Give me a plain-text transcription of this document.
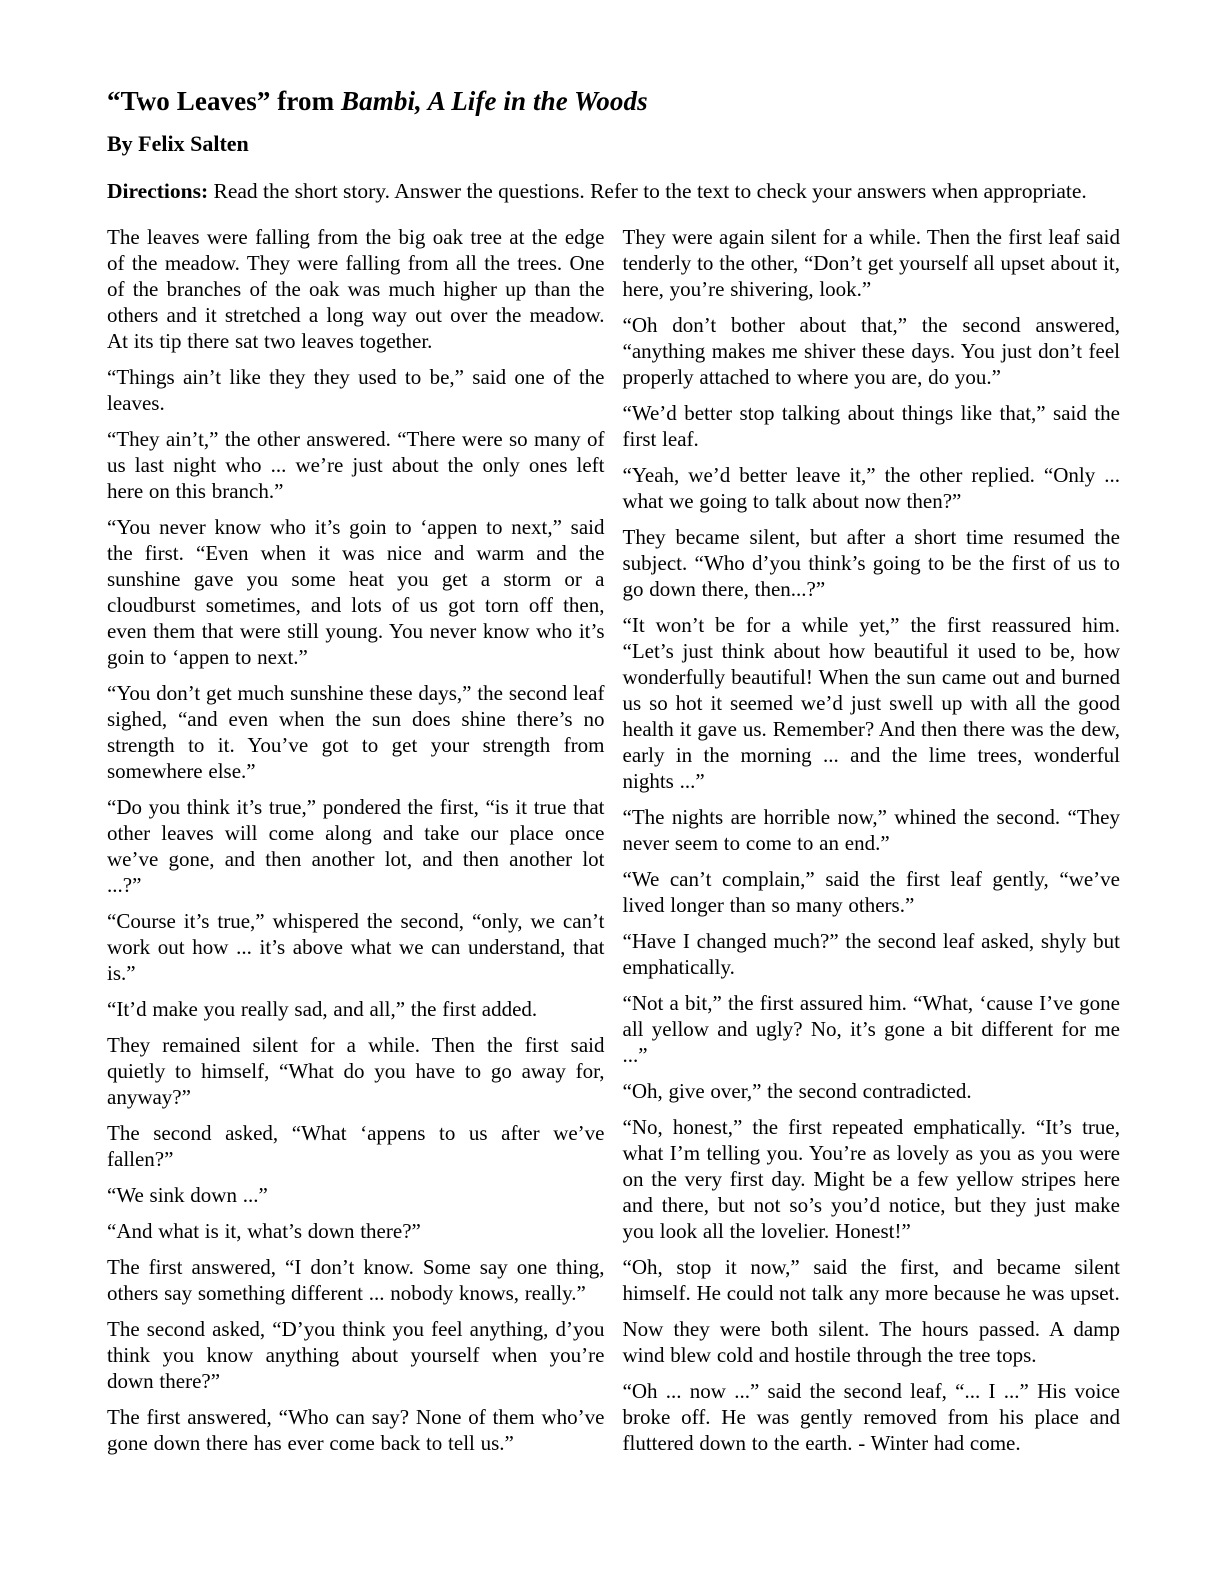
“Two Leaves” from Bambi, A Life in the Woods
By Felix Salten
Directions: Read the short story. Answer the questions. Refer to the text to check your answers when appropriate.

The leaves were falling from the big oak tree at the edge of the meadow. They were falling from all the trees. One of the branches of the oak was much higher up than the others and it stretched a long way out over the meadow. At its tip there sat two leaves together.

“Things ain’t like they they used to be,” said one of the leaves.

“They ain’t,” the other answered. “There were so many of us last night who ... we’re just about the only ones left here on this branch.”

“You never know who it’s goin to ‘appen to next,” said the first. “Even when it was nice and warm and the sunshine gave you some heat you get a storm or a cloudburst sometimes, and lots of us got torn off then, even them that were still young. You never know who it’s goin to ‘appen to next.”

“You don’t get much sunshine these days,” the second leaf sighed, “and even when the sun does shine there’s no strength to it. You’ve got to get your strength from somewhere else.”

“Do you think it’s true,” pondered the first, “is it true that other leaves will come along and take our place once we’ve gone, and then another lot, and then another lot ...?”

“Course it’s true,” whispered the second, “only, we can’t work out how ... it’s above what we can understand, that is.”

“It’d make you really sad, and all,” the first added.

They remained silent for a while. Then the first said quietly to himself, “What do you have to go away for, anyway?”

The second asked, “What ‘appens to us after we’ve fallen?”

“We sink down ...”

“And what is it, what’s down there?”

The first answered, “I don’t know. Some say one thing, others say something different ... nobody knows, really.”

The second asked, “D’you think you feel anything, d’you think you know anything about yourself when you’re down there?”

The first answered, “Who can say? None of them who’ve gone down there has ever come back to tell us.”

They were again silent for a while. Then the first leaf said tenderly to the other, “Don’t get yourself all upset about it, here, you’re shivering, look.”

“Oh don’t bother about that,” the second answered, “anything makes me shiver these days. You just don’t feel properly attached to where you are, do you.”

“We’d better stop talking about things like that,” said the first leaf.

“Yeah, we’d better leave it,” the other replied. “Only ... what we going to talk about now then?”

They became silent, but after a short time resumed the subject. “Who d’you think’s going to be the first of us to go down there, then...?”

“It won’t be for a while yet,” the first reassured him. “Let’s just think about how beautiful it used to be, how wonderfully beautiful! When the sun came out and burned us so hot it seemed we’d just swell up with all the good health it gave us. Remember? And then there was the dew, early in the morning ... and the lime trees, wonderful nights ...”

“The nights are horrible now,” whined the second. “They never seem to come to an end.”

“We can’t complain,” said the first leaf gently, “we’ve lived longer than so many others.”

“Have I changed much?” the second leaf asked, shyly but emphatically.

“Not a bit,” the first assured him. “What, ‘cause I’ve gone all yellow and ugly? No, it’s gone a bit different for me ...”

“Oh, give over,” the second contradicted.

“No, honest,” the first repeated emphatically. “It’s true, what I’m telling you. You’re as lovely as you as you were on the very first day. Might be a few yellow stripes here and there, but not so’s you’d notice, but they just make you look all the lovelier. Honest!”

“Oh, stop it now,” said the first, and became silent himself. He could not talk any more because he was upset.

Now they were both silent. The hours passed. A damp wind blew cold and hostile through the tree tops.

“Oh ... now ...” said the second leaf, “... I ...” His voice broke off. He was gently removed from his place and fluttered down to the earth. - Winter had come.
